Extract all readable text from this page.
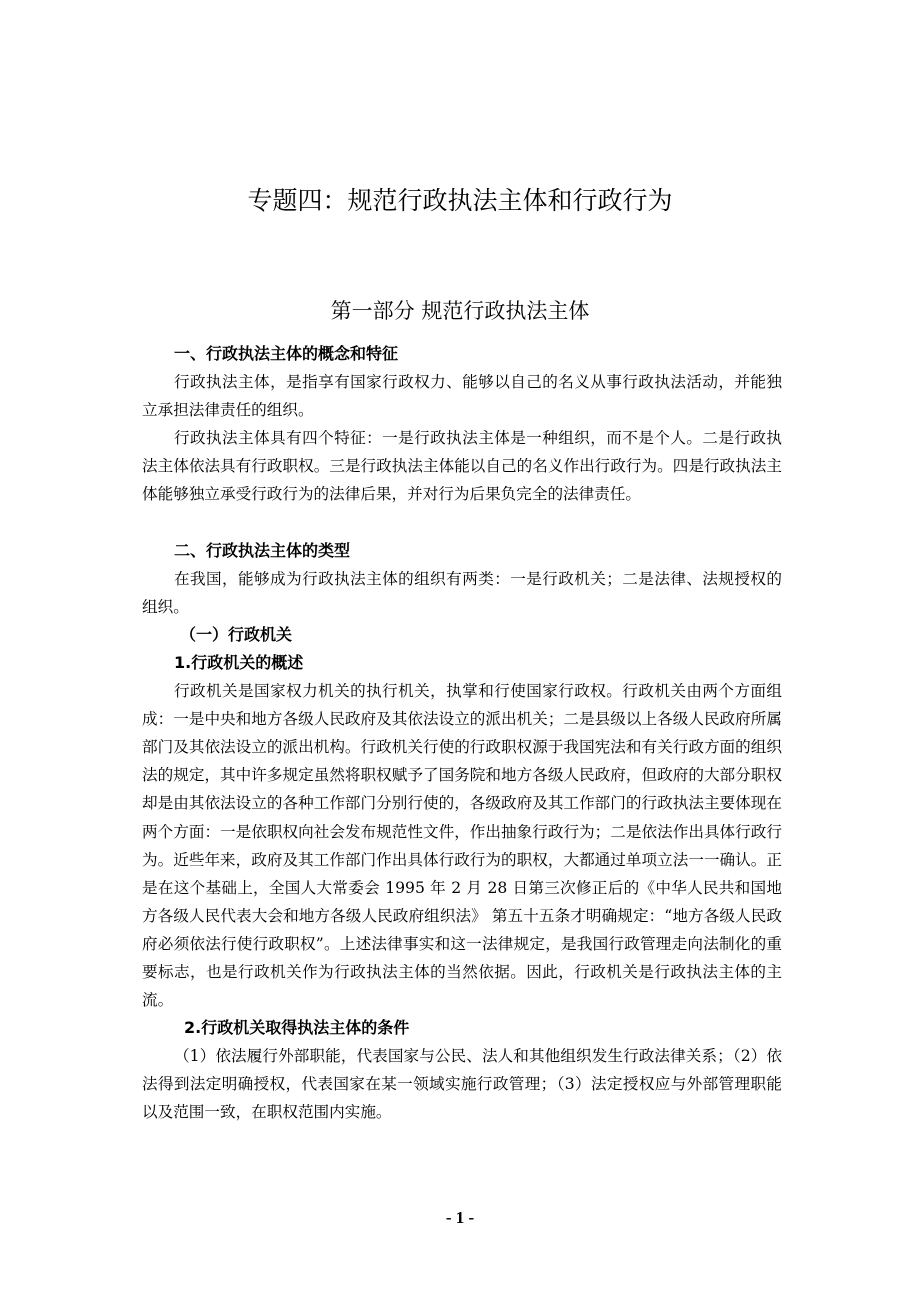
专题四：规范行政执法主体和行政行为
第一部分 规范行政执法主体

一、行政执法主体的概念和特征

行政执法主体，是指享有国家行政权力、能够以自己的名义从事行政执法活动，并能独立承担法律责任的组织。

行政执法主体具有四个特征：一是行政执法主体是一种组织，而不是个人。二是行政执法主体依法具有行政职权。三是行政执法主体能以自己的名义作出行政行为。四是行政执法主体能够独立承受行政行为的法律后果，并对行为后果负完全的法律责任。

二、行政执法主体的类型

在我国，能够成为行政执法主体的组织有两类：一是行政机关；二是法律、法规授权的组织。

（一）行政机关

1.行政机关的概述

行政机关是国家权力机关的执行机关，执掌和行使国家行政权。行政机关由两个方面组成：一是中央和地方各级人民政府及其依法设立的派出机关；二是县级以上各级人民政府所属部门及其依法设立的派出机构。行政机关行使的行政职权源于我国宪法和有关行政方面的组织法的规定，其中许多规定虽然将职权赋予了国务院和地方各级人民政府，但政府的大部分职权却是由其依法设立的各种工作部门分别行使的，各级政府及其工作部门的行政执法主要体现在两个方面：一是依职权向社会发布规范性文件，作出抽象行政行为；二是依法作出具体行政行为。近些年来，政府及其工作部门作出具体行政行为的职权，大都通过单项立法一一确认。正是在这个基础上，全国人大常委会 1995 年 2 月 28 日第三次修正后的《中华人民共和国地方各级人民代表大会和地方各级人民政府组织法》 第五十五条才明确规定：“地方各级人民政府必须依法行使行政职权”。上述法律事实和这一法律规定，是我国行政管理走向法制化的重要标志，也是行政机关作为行政执法主体的当然依据。因此，行政机关是行政执法主体的主流。

2.行政机关取得执法主体的条件

（1）依法履行外部职能，代表国家与公民、法人和其他组织发生行政法律关系；（2）依法得到法定明确授权，代表国家在某一领域实施行政管理；（3）法定授权应与外部管理职能以及范围一致，在职权范围内实施。

- 1 -
